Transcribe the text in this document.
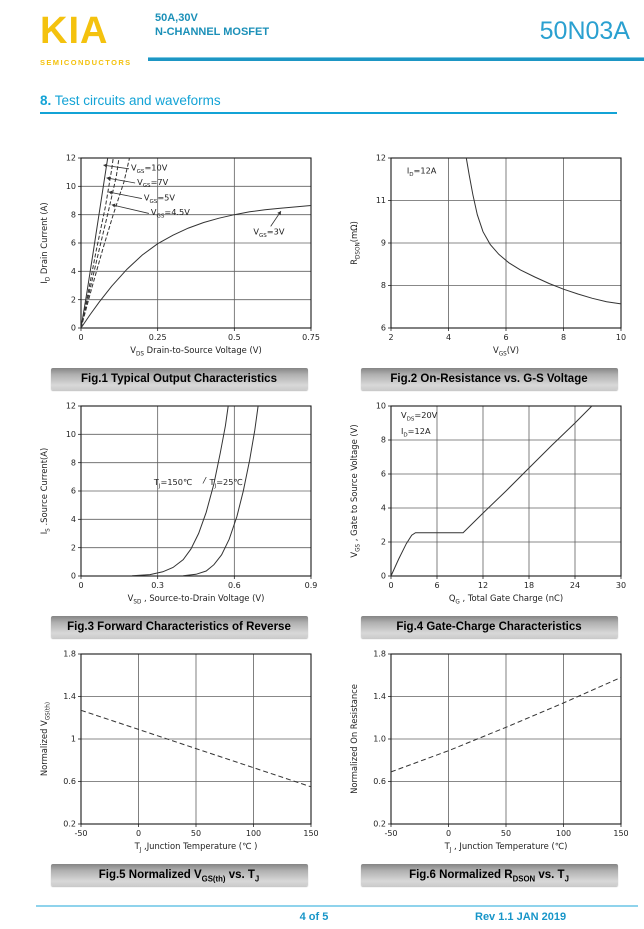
KIA
SEMICONDUCTORS
50A,30V
N-CHANNEL MOSFET	50N03A
8. Test circuits and waveforms
0	0.25	0.5	0.75
0
2
4
6
8
10
12
$V_{GS}=10V$
$V_{GS}=7V$
$V_{GS}=5V$
$V_{GS}=4.5V$
$V_{GS}=3V$
$V_{DS}$ Drain-to-Source Voltage (V)
$I_D$ Drain Current (A)
Fig.1 Typical Output Characteristics
2	4	6	8	10
12
11
9
8
6
$I_D=12A$
$V_{GS}(V)$
$R_{DSON}(m\Omega)$
Fig.2 On-Resistance vs. G-S Voltage
0	0.3	0.6	0.9
0
2
4
6
8
10
12
/
$T_J=150℃$ $T_J=25℃$
$V_{SD}$ , Source-to-Drain Voltage (V)
$I_S$ .Source Current(A)
Fig.3 Forward Characteristics of Reverse
0	6	12	18	24	30
0
2
4
6
8
10
$V_{DS}=20V$
$I_D=12A$
$Q_G$ , Total Gate Charge (nC)
$V_{GS}$ , Gate to Source Voltage (V)
Fig.4 Gate-Charge Characteristics
-50	0	50	100	150
0.2
0.6
1
1.4
1.8
$T_J$ ,Junction Temperature (℃ )
Normalized $V_{GS(th)}$
Fig.5 Normalized $V_{GS(th)}$ vs. $T_J$
-50	0	50	100	150
0.2
0.6
1.0
1.4
1.8
$T_J$ , Junction Temperature (℃)
Normalized On Resistance
Fig.6 Normalized $R_{DSON}$ vs. $T_J$
4 of 5	Rev 1.1 JAN 2019
